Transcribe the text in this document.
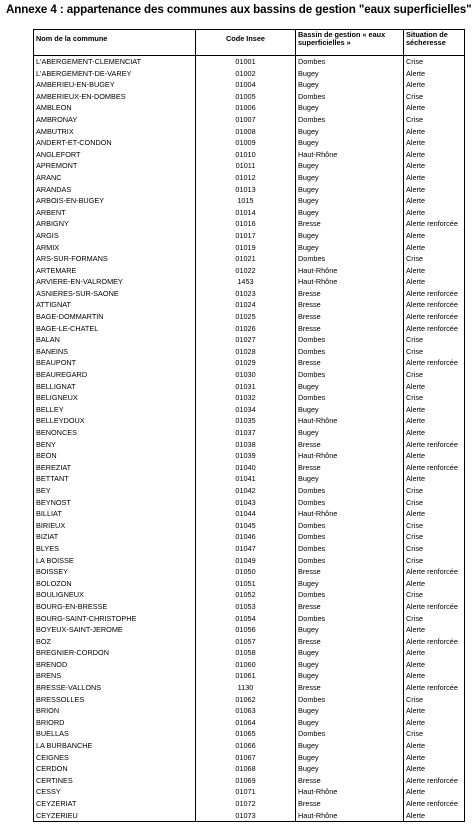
Annexe 4 : appartenance des communes aux bassins de gestion "eaux superficielles"
Nom de la commune	Code Insee	Bassin de gestion « eaux superficielles »	Situation de sécheresse
L'ABERGEMENT-CLEMENCIAT	01001	Dombes	Crise
L'ABERGEMENT-DE-VAREY	01002	Bugey	Alerte
AMBERIEU-EN-BUGEY	01004	Bugey	Alerte
AMBERIEUX-EN-DOMBES	01005	Dombes	Crise
AMBLEON	01006	Bugey	Alerte
AMBRONAY	01007	Dombes	Crise
AMBUTRIX	01008	Bugey	Alerte
ANDERT-ET-CONDON	01009	Bugey	Alerte
ANGLEFORT	01010	Haut-Rhône	Alerte
APREMONT	01011	Bugey	Alerte
ARANC	01012	Bugey	Alerte
ARANDAS	01013	Bugey	Alerte
ARBOIS-EN-BUGEY	1015	Bugey	Alerte
ARBENT	01014	Bugey	Alerte
ARBIGNY	01016	Bresse	Alerte renforcée
ARGIS	01017	Bugey	Alerte
ARMIX	01019	Bugey	Alerte
ARS-SUR-FORMANS	01021	Dombes	Crise
ARTEMARE	01022	Haut-Rhône	Alerte
ARVIERE-EN-VALROMEY	1453	Haut-Rhône	Alerte
ASNIERES-SUR-SAONE	01023	Bresse	Alerte renforcée
ATTIGNAT	01024	Bresse	Alerte renforcée
BAGE-DOMMARTIN	01025	Bresse	Alerte renforcée
BAGE-LE-CHATEL	01026	Bresse	Alerte renforcée
BALAN	01027	Dombes	Crise
BANEINS	01028	Dombes	Crise
BEAUPONT	01029	Bresse	Alerte renforcée
BEAUREGARD	01030	Dombes	Crise
BELLIGNAT	01031	Bugey	Alerte
BELIGNEUX	01032	Dombes	Crise
BELLEY	01034	Bugey	Alerte
BELLEYDOUX	01035	Haut-Rhône	Alerte
BENONCES	01037	Bugey	Alerte
BENY	01038	Bresse	Alerte renforcée
BEON	01039	Haut-Rhône	Alerte
BEREZIAT	01040	Bresse	Alerte renforcée
BETTANT	01041	Bugey	Alerte
BEY	01042	Dombes	Crise
BEYNOST	01043	Dombes	Crise
BILLIAT	01044	Haut-Rhône	Alerte
BIRIEUX	01045	Dombes	Crise
BIZIAT	01046	Dombes	Crise
BLYES	01047	Dombes	Crise
LA BOISSE	01049	Dombes	Crise
BOISSEY	01050	Bresse	Alerte renforcée
BOLOZON	01051	Bugey	Alerte
BOULIGNEUX	01052	Dombes	Crise
BOURG-EN-BRESSE	01053	Bresse	Alerte renforcée
BOURG-SAINT-CHRISTOPHE	01054	Dombes	Crise
BOYEUX-SAINT-JEROME	01056	Bugey	Alerte
BOZ	01057	Bresse	Alerte renforcée
BREGNIER-CORDON	01058	Bugey	Alerte
BRENOD	01060	Bugey	Alerte
BRENS	01061	Bugey	Alerte
BRESSE-VALLONS	1130	Bresse	Alerte renforcée
BRESSOLLES	01062	Dombes	Crise
BRION	01063	Bugey	Alerte
BRIORD	01064	Bugey	Alerte
BUELLAS	01065	Dombes	Crise
LA BURBANCHE	01066	Bugey	Alerte
CEIGNES	01067	Bugey	Alerte
CERDON	01068	Bugey	Alerte
CERTINES	01069	Bresse	Alerte renforcée
CESSY	01071	Haut-Rhône	Alerte
CEYZERIAT	01072	Bresse	Alerte renforcée
CEYZERIEU	01073	Haut-Rhône	Alerte
